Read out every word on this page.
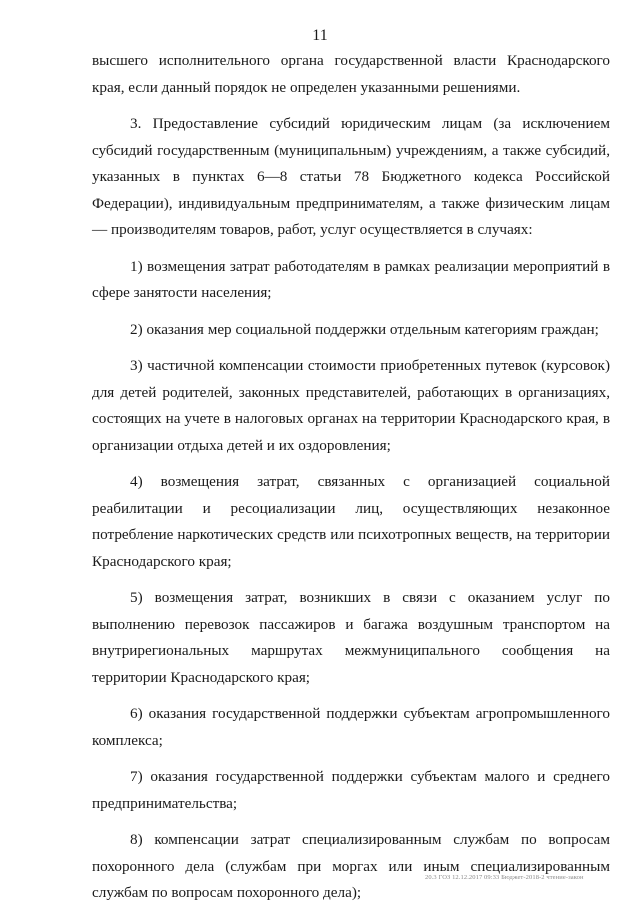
11

высшего исполнительного органа государственной власти Краснодарского края, если данный порядок не определен указанными решениями.

3. Предоставление субсидий юридическим лицам (за исключением субсидий государственным (муниципальным) учреждениям, а также субсидий, указанных в пунктах 6—8 статьи 78 Бюджетного кодекса Российской Федерации), индивидуальным предпринимателям, а также физическим лицам — производителям товаров, работ, услуг осуществляется в случаях:

1) возмещения затрат работодателям в рамках реализации мероприятий в сфере занятости населения;

2) оказания мер социальной поддержки отдельным категориям граждан;

3) частичной компенсации стоимости приобретенных путевок (курсовок) для детей родителей, законных представителей, работающих в организациях, состоящих на учете в налоговых органах на территории Краснодарского края, в организации отдыха детей и их оздоровления;

4) возмещения затрат, связанных с организацией социальной реабилитации и ресоциализации лиц, осуществляющих незаконное потребление наркотических средств или психотропных веществ, на территории Краснодарского края;

5) возмещения затрат, возникших в связи с оказанием услуг по выполнению перевозок пассажиров и багажа воздушным транспортом на внутрирегиональных маршрутах межмуниципального сообщения на территории Краснодарского края;

6) оказания государственной поддержки субъектам агропромышленного комплекса;

7) оказания государственной поддержки субъектам малого и среднего предпринимательства;

8) компенсации затрат специализированным службам по вопросам похоронного дела (службам при моргах или иным специализированным службам по вопросам похоронного дела);

20.3 ГОЗ 12.12.2017 09:33 Бюджет-2018-2 чтение-закон
